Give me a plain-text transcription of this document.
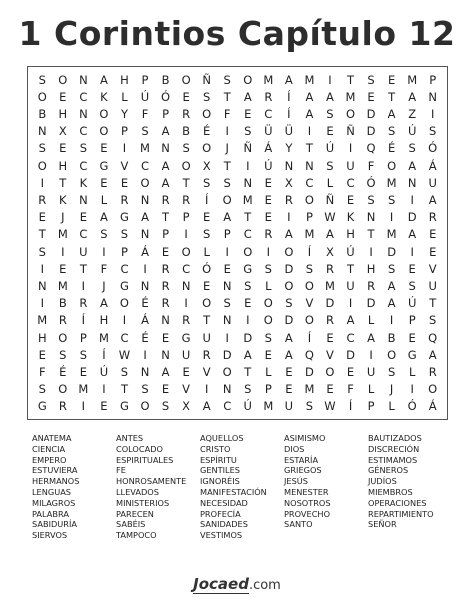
1 Corintios Capítulo 12
S	O	N	A	H	P	B	O	Ñ	S	O M	A	M	I	T	S	E	M	P
O	E	C	K	L	Ú	Ó	E	S	T	A	R	Í	A	A	M	E	T	A	N
B	H	N	O	Y	F	P	R	O	F	E	C	Í	A	S	O	D	A	Z	I
N	X	C	O	P	S	A	B	É	I	S	Ü	Ü	I	E	Ñ	D	S	Ú	S
S	E	S	E	I	M N	S	O	J	Ñ	Á	Y	T	Ú	I	Q	É	S	Ó
O	H	C	G	V	C	A	O	X	T	I	Ú	N	N	S	U	F	O	A	Á
I	T	K	E	E	O	A	T	S	S	N	E	X	C	L	C	Ó M N	U
R	K	N	L	R	N	R	R	Í	O M	E	R	O	Ñ	E	S	S	I	A
E	J	E	A	G	A	T	P	E	A	T	E	I	P W K	N	I	D	R
T	M	C	S	S	N	P	I	S	P	C	R	A	M	A	H	T	M	A	E
S	I	U	I	P	Á	E	O	L	I	O	I	O	Í	X	Ú	I	D	I	E
I	E	T	F	C	I	R	C	Ó	E	G	S	D	S	R	T	H	S	E	V
N M	I	J	G	N	R	N	E	N	S	L	O O M U	R	A	S	U
I	B	R	A	O	É	R	I	O	S	E	O	S	V	D	I	D	A	Ú	T
M	R	Í	H	I	Á	N	R	T	N	I	O	D	O	R	A	L	I	P	S
H	O	P	M	C	É	E	G	U	I	D	S	A	Í	E	C	A	B	E	Q
E	S	S	Í	W	I	N	U	R	D	A	E	A	Q	V	D	I	O	G	A
F	É	E	Ú	S	N	A	E	V	O	T	L	E	D	O	E	U	S	L	R
S	O M	I	T	S	E	V	I	N	S	P	E	M	E	F	L	J	I	O
G	R	I	E	G	O	S	X	A	C	Ú M U	S W	Í	P	L	Ó	Á
ANATEMA
CIENCIA
EMPERO
ESTUVIERA
HERMANOS
LENGUAS
MILAGROS
PALABRA
SABIDURÍA
SIERVOS
ANTES
COLOCADO
ESPIRITUALES
FE
HONROSAMENTE
LLEVADOS
MINISTERIOS
PARECEN
SABÉIS
TAMPOCO
AQUELLOS
CRISTO
ESPÍRITU
GENTILES
IGNORÉIS
MANIFESTACIÓN
NECESIDAD
PROFECÍA
SANIDADES
VESTIMOS
ASIMISMO
DIOS
ESTARÍA
GRIEGOS
JESÚS
MENESTER
NOSOTROS
PROVECHO
SANTO
BAUTIZADOS
DISCRECIÓN
ESTIMAMOS
GÉNEROS
JUDÍOS
MIEMBROS
OPERACIONES
REPARTIMIENTO
SEÑOR
Jocaed.com
